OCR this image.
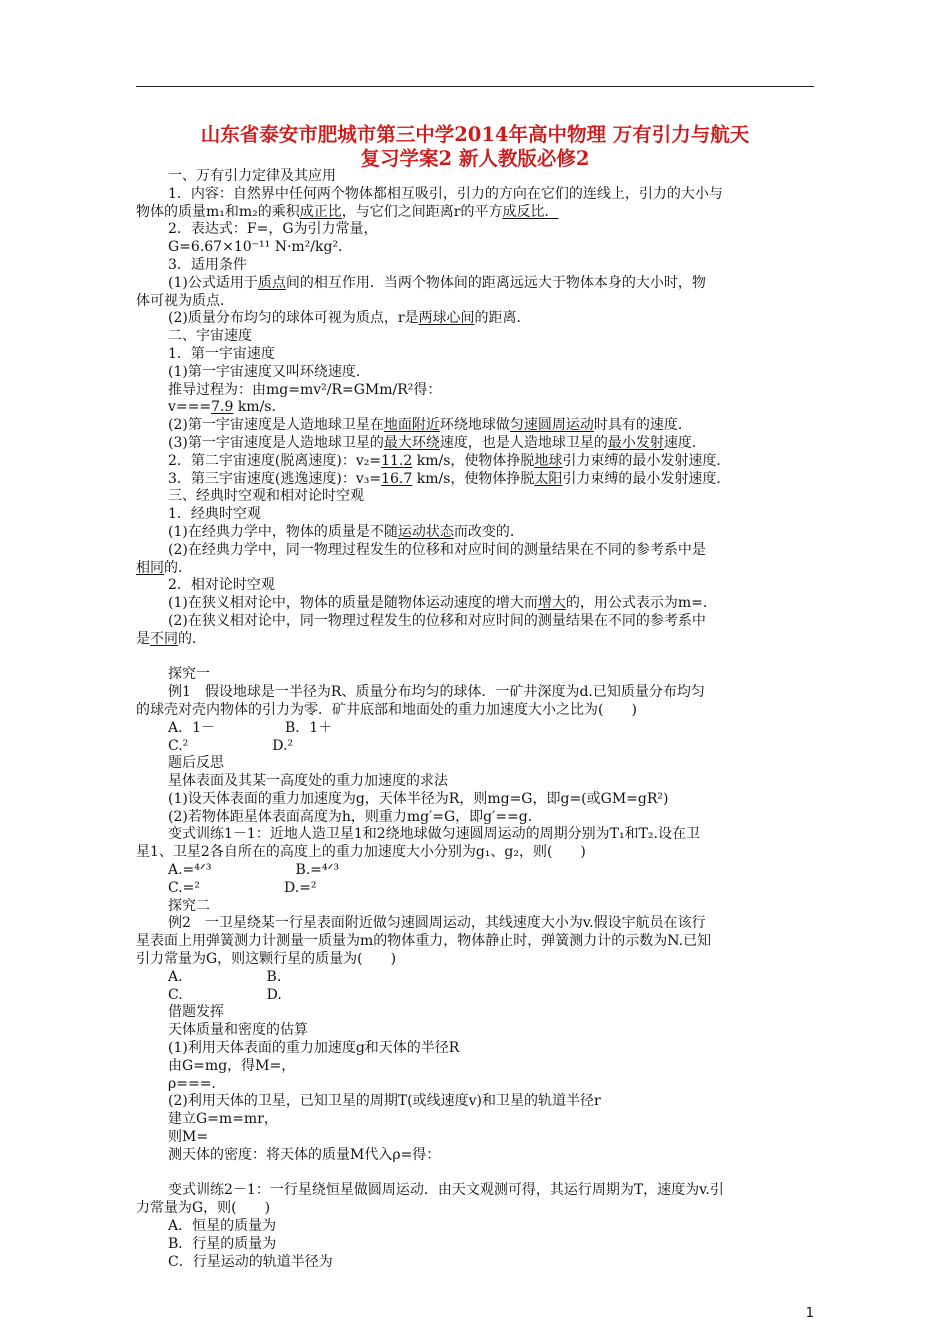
山东省泰安市肥城市第三中学2014年高中物理 万有引力与航天
复习学案2 新人教版必修2
一、万有引力定律及其应用
1．内容：自然界中任何两个物体都相互吸引，引力的方向在它们的连线上，引力的大小与
物体的质量m₁和m₂的乘积成正比，与它们之间距离r的平方成反比．
2．表达式：F=，G为引力常量，
G=6.67×10⁻¹¹ N·m²/kg².
3．适用条件
(1)公式适用于质点间的相互作用．当两个物体间的距离远远大于物体本身的大小时，物
体可视为质点．
(2)质量分布均匀的球体可视为质点，r是两球心间的距离．
二、宇宙速度
1．第一宇宙速度
(1)第一宇宙速度又叫环绕速度．
推导过程为：由mg=mv²/R=GMm/R²得：
v===7.9 km/s.
(2)第一宇宙速度是人造地球卫星在地面附近环绕地球做匀速圆周运动时具有的速度．
(3)第一宇宙速度是人造地球卫星的最大环绕速度，也是人造地球卫星的最小发射速度．
2．第二宇宙速度(脱离速度)：v₂=11.2 km/s，使物体挣脱地球引力束缚的最小发射速度．
3．第三宇宙速度(逃逸速度)：v₃=16.7 km/s，使物体挣脱太阳引力束缚的最小发射速度．
三、经典时空观和相对论时空观
1．经典时空观
(1)在经典力学中，物体的质量是不随运动状态而改变的．
(2)在经典力学中，同一物理过程发生的位移和对应时间的测量结果在不同的参考系中是
相同的．
2．相对论时空观
(1)在狭义相对论中，物体的质量是随物体运动速度的增大而增大的，用公式表示为m=.
(2)在狭义相对论中，同一物理过程发生的位移和对应时间的测量结果在不同的参考系中
是不同的．
探究一
例1　假设地球是一半径为R、质量分布均匀的球体．一矿井深度为d.已知质量分布均匀
的球壳对壳内物体的引力为零．矿井底部和地面处的重力加速度大小之比为(　　)
A．1－　　　　　B．1＋
C.²　　　　　　D.²
题后反思
星体表面及其某一高度处的重力加速度的求法
(1)设天体表面的重力加速度为g，天体半径为R，则mg=G，即g=(或GM=gR²)
(2)若物体距星体表面高度为h，则重力mg′=G，即g′==g.
变式训练1－1：近地人造卫星1和2绕地球做匀速圆周运动的周期分别为T₁和T₂.设在卫
星1、卫星2各自所在的高度上的重力加速度大小分别为g₁、g₂，则(　　)
A.=⁴ᐟ³　　　　　　B.=⁴ᐟ³
C.=²　　　　　　D.=²
探究二
例2　一卫星绕某一行星表面附近做匀速圆周运动，其线速度大小为v.假设宇航员在该行
星表面上用弹簧测力计测量一质量为m的物体重力，物体静止时，弹簧测力计的示数为N.已知
引力常量为G，则这颗行星的质量为(　　)
A.　　　　　　B.
C.　　　　　　D.
借题发挥
天体质量和密度的估算
(1)利用天体表面的重力加速度g和天体的半径R
由G=mg，得M=，
ρ===.
(2)利用天体的卫星，已知卫星的周期T(或线速度v)和卫星的轨道半径r
建立G=m=mr，
则M=
测天体的密度：将天体的质量M代入ρ=得：
变式训练2－1：一行星绕恒星做圆周运动．由天文观测可得，其运行周期为T，速度为v.引
力常量为G，则(　　)
A．恒星的质量为
B．行星的质量为
C．行星运动的轨道半径为
1
